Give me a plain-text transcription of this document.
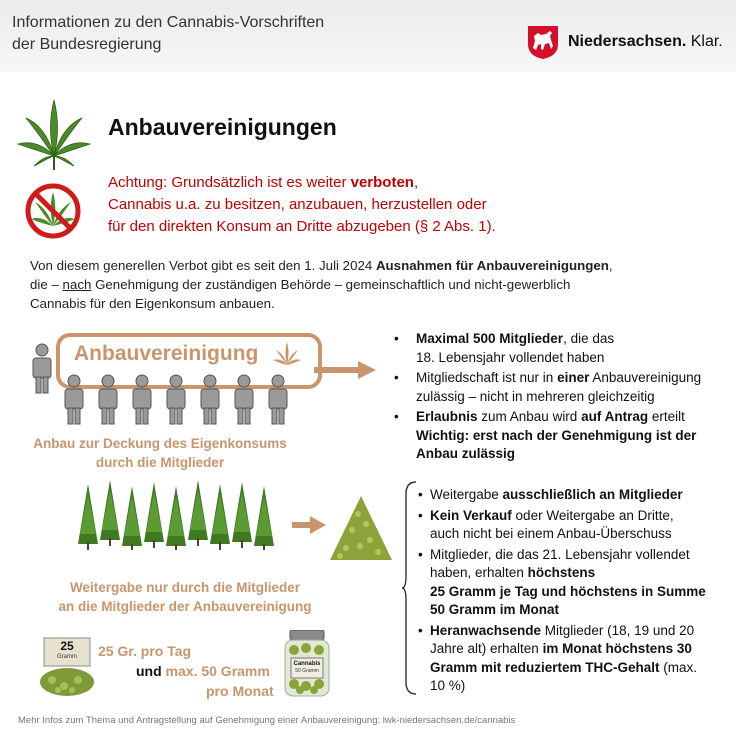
Informationen zu den Cannabis-Vorschriften
der Bundesregierung	Niedersachsen. Klar.
Anbauvereinigungen
Achtung: Grundsätzlich ist es weiter verboten,
Cannabis u.a. zu besitzen, anzubauen, herzustellen oder
für den direkten Konsum an Dritte abzugeben (§ 2 Abs. 1).
Von diesem generellen Verbot gibt es seit den 1. Juli 2024 Ausnahmen für Anbauvereinigungen,
die – nach Genehmigung der zuständigen Behörde – gemeinschaftlich und nicht-gewerblich
Cannabis für den Eigenkonsum anbauen.
Anbauvereinigung
Anbau zur Deckung des Eigenkonsums
durch die Mitglieder
• Maximal 500 Mitglieder, die das
18. Lebensjahr vollendet haben
• Mitgliedschaft ist nur in einer Anbauvereinigung
zulässig – nicht in mehreren gleichzeitig
• Erlaubnis zum Anbau wird auf Antrag erteilt
Wichtig: erst nach der Genehmigung ist der
Anbau zulässig
Weitergabe nur durch die Mitglieder
an die Mitglieder der Anbauvereinigung
• Weitergabe ausschließlich an Mitglieder
• Kein Verkauf oder Weitergabe an Dritte,
auch nicht bei einem Anbau-Überschuss
• Mitglieder, die das 21. Lebensjahr vollendet
haben, erhalten höchstens
25 Gramm je Tag und höchstens in Summe
50 Gramm im Monat
• Heranwachsende Mitglieder (18, 19 und 20
Jahre alt) erhalten im Monat höchstens 30
Gramm mit reduziertem THC-Gehalt (max.
10 %)
25
Gramm	25 Gr. pro Tag
und max. 50 Gramm
pro Monat
Cannabis
50 Gramm
Mehr Infos zum Thema und Antragstellung auf Genehmigung einer Anbauvereinigung: lwk-niedersachsen.de/cannabis
